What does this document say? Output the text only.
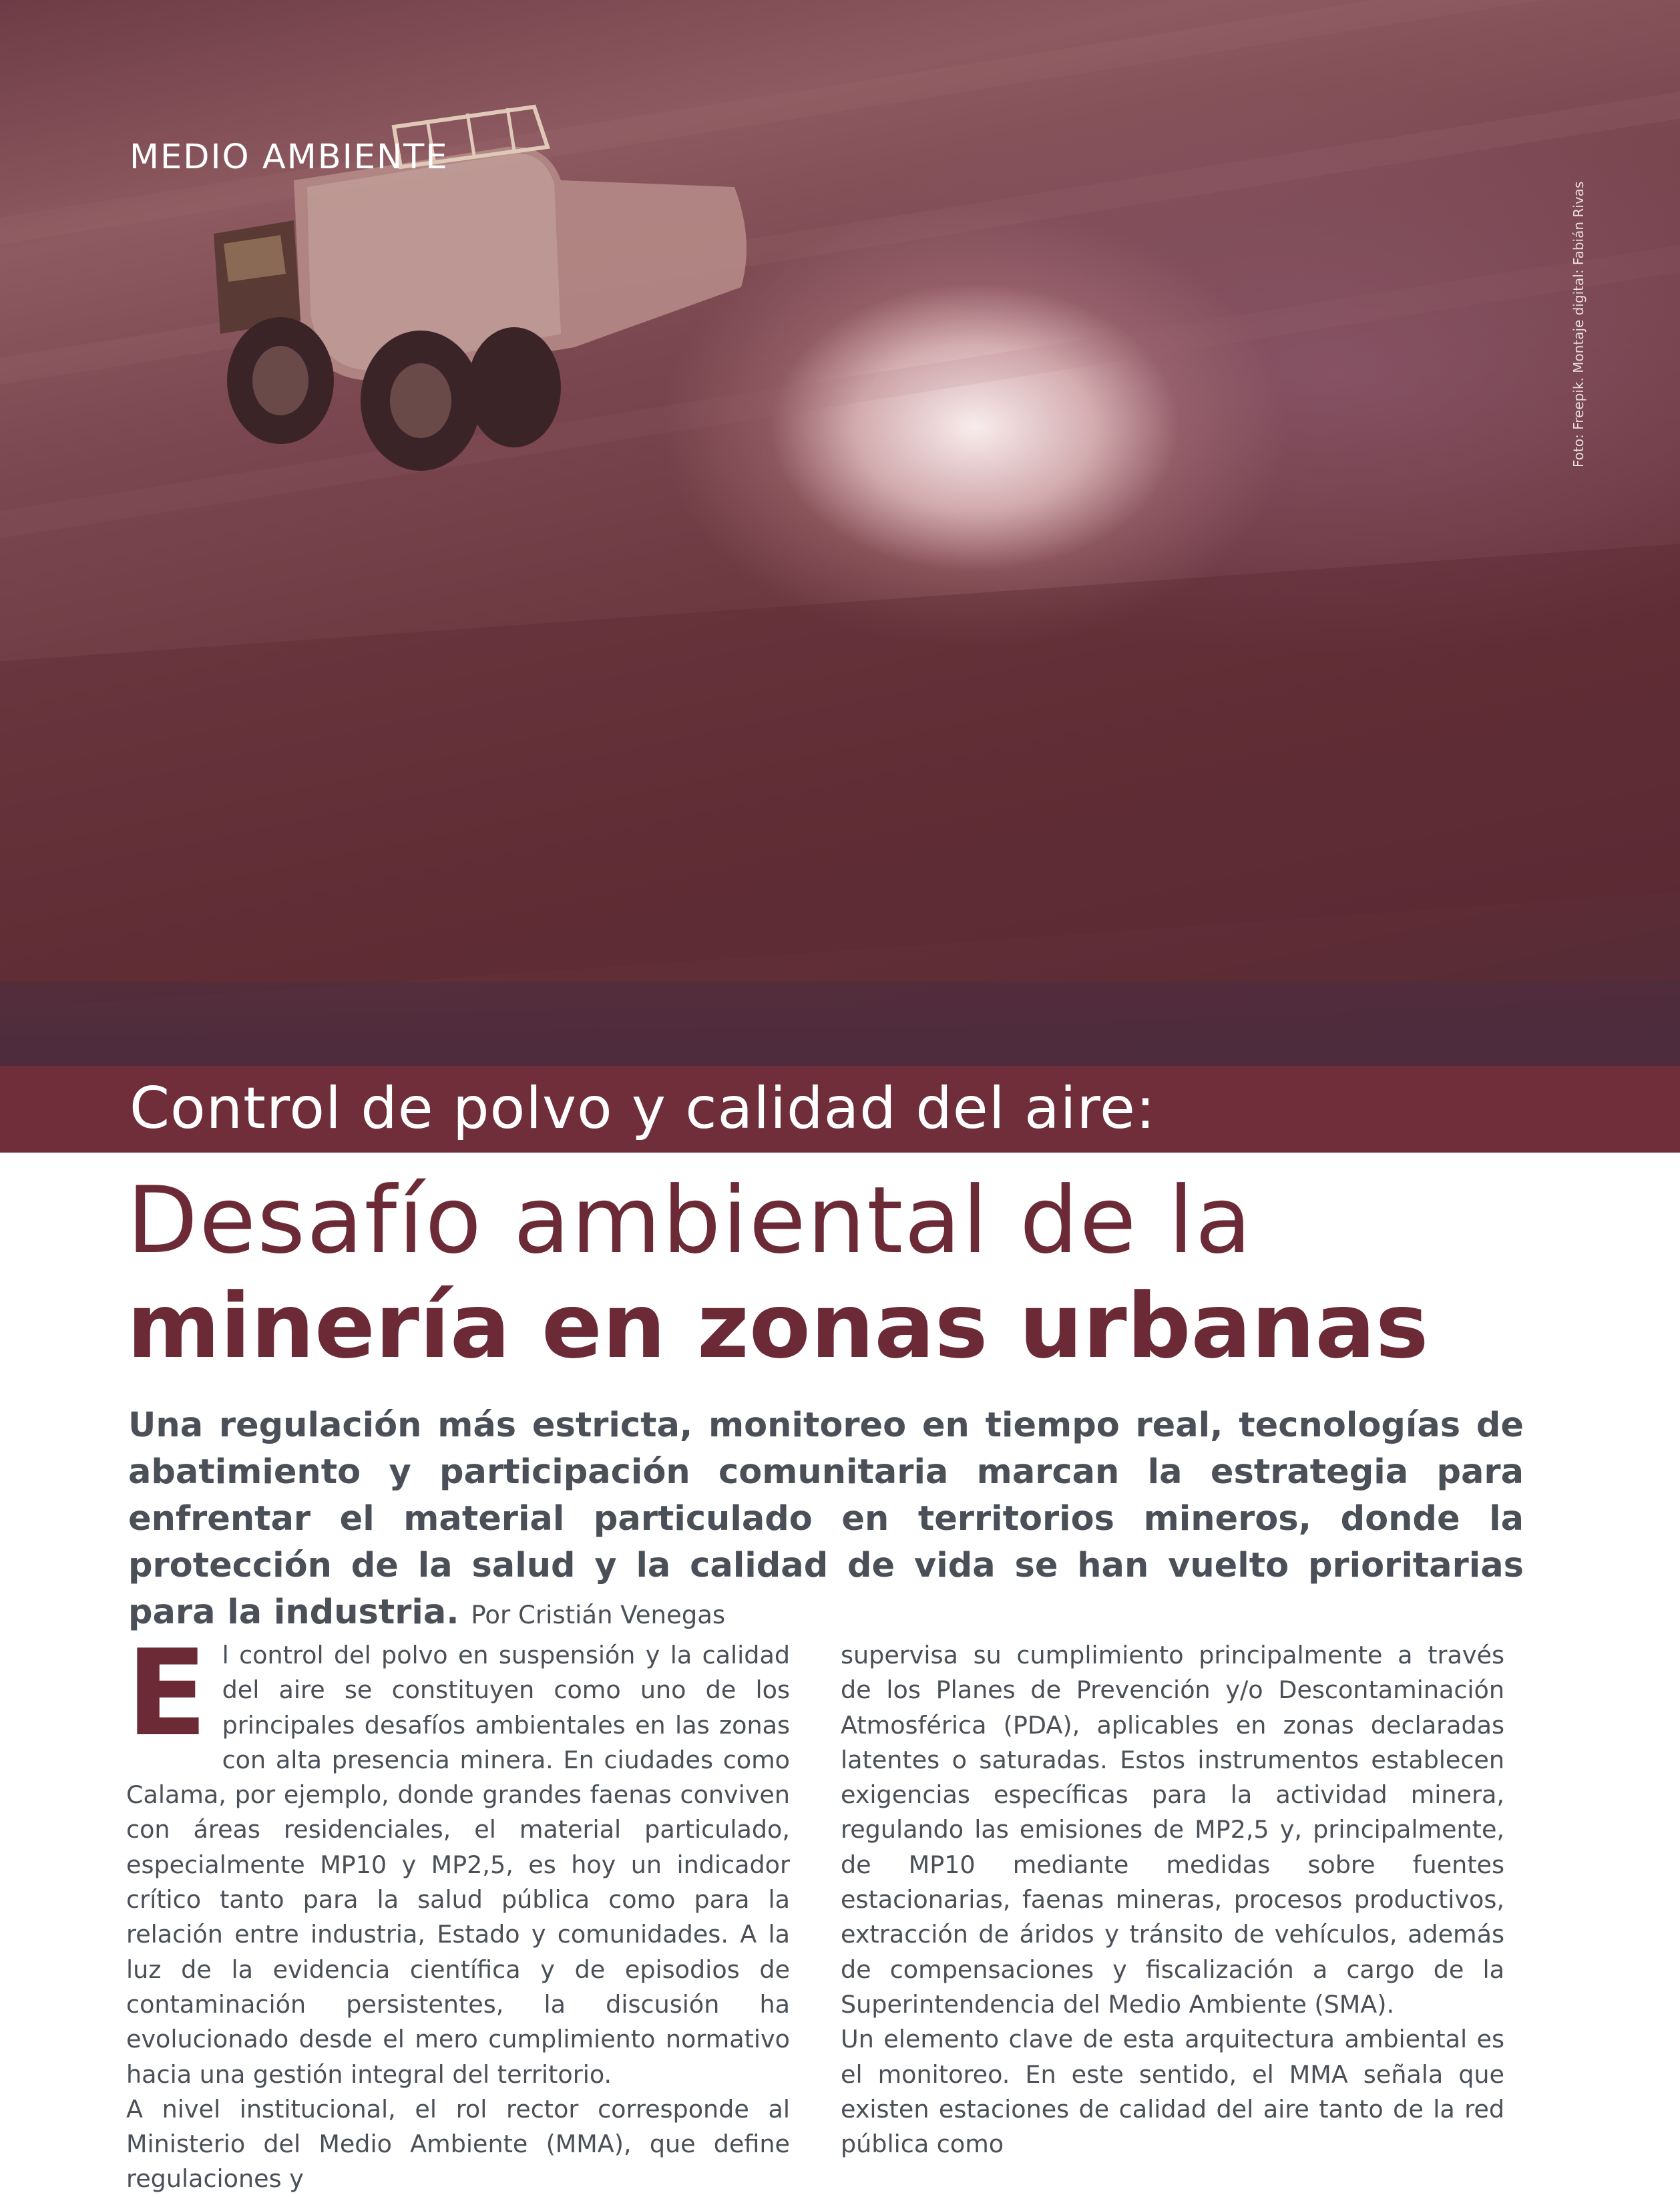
MEDIO AMBIENTE
Foto: Freepik. Montaje digital: Fabián Rivas
Control de polvo y calidad del aire:
Desafío ambiental de la
minería en zonas urbanas
Una regulación más estricta, monitoreo en tiempo real, tecnologías de abatimiento y participación comunitaria marcan la estrategia para enfrentar el material particulado en territorios mineros, donde la protección de la salud y la calidad de vida se han vuelto prioritarias para la industria. Por Cristián Venegas
E l control del polvo en suspensión y la calidad del aire se constituyen como uno de los principales desafíos ambientales en las zonas con alta presencia minera. En ciudades como Calama, por ejemplo, donde grandes faenas conviven con áreas residenciales, el material particulado, especialmente MP10 y MP2,5, es hoy un indicador crítico tanto para la salud pública como para la relación entre industria, Estado y comunidades. A la luz de la evidencia científica y de episodios de contaminación persistentes, la discusión ha evolucionado desde el mero cumplimiento normativo hacia una gestión integral del territorio.

A nivel institucional, el rol rector corresponde al Ministerio del Medio Ambiente (MMA), que define regulaciones y

supervisa su cumplimiento principalmente a través de los Planes de Prevención y/o Descontaminación Atmosférica (PDA), aplicables en zonas declaradas latentes o saturadas. Estos instrumentos establecen exigencias específicas para la actividad minera, regulando las emisiones de MP2,5 y, principalmente, de MP10 mediante medidas sobre fuentes estacionarias, faenas mineras, procesos productivos, extracción de áridos y tránsito de vehículos, además de compensaciones y fiscalización a cargo de la Superintendencia del Medio Ambiente (SMA).

Un elemento clave de esta arquitectura ambiental es el monitoreo. En este sentido, el MMA señala que existen estaciones de calidad del aire tanto de la red pública como
